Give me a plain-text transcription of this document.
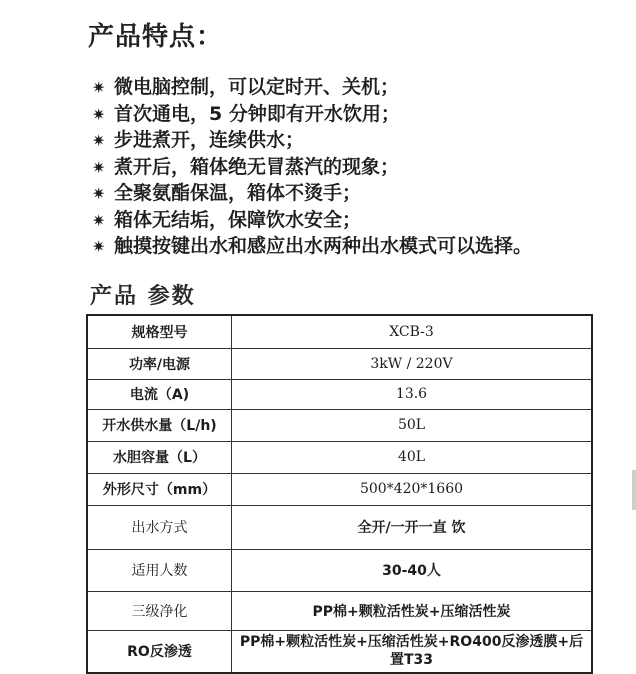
产品特点：
✷ 微电脑控制，可以定时开、关机；
✷ 首次通电，5 分钟即有开水饮用；
✷ 步进煮开，连续供水；
✷ 煮开后，箱体绝无冒蒸汽的现象；
✷ 全聚氨酯保温，箱体不烫手；
✷ 箱体无结垢，保障饮水安全；
✷ 触摸按键出水和感应出水两种出水模式可以选择。
产品 参数
规格型号	XCB-3
功率/电源	3kW / 220V
电流（A)	13.6
开水供水量（L/h)	50L
水胆容量（L）	40L
外形尺寸（mm）	500*420*1660
出水方式	全开/一开一直 饮
适用人数	30-40人
三级净化	PP棉+颗粒活性炭+压缩活性炭
RO反渗透	PP棉+颗粒活性炭+压缩活性炭+RO400反渗透膜+后置T33
